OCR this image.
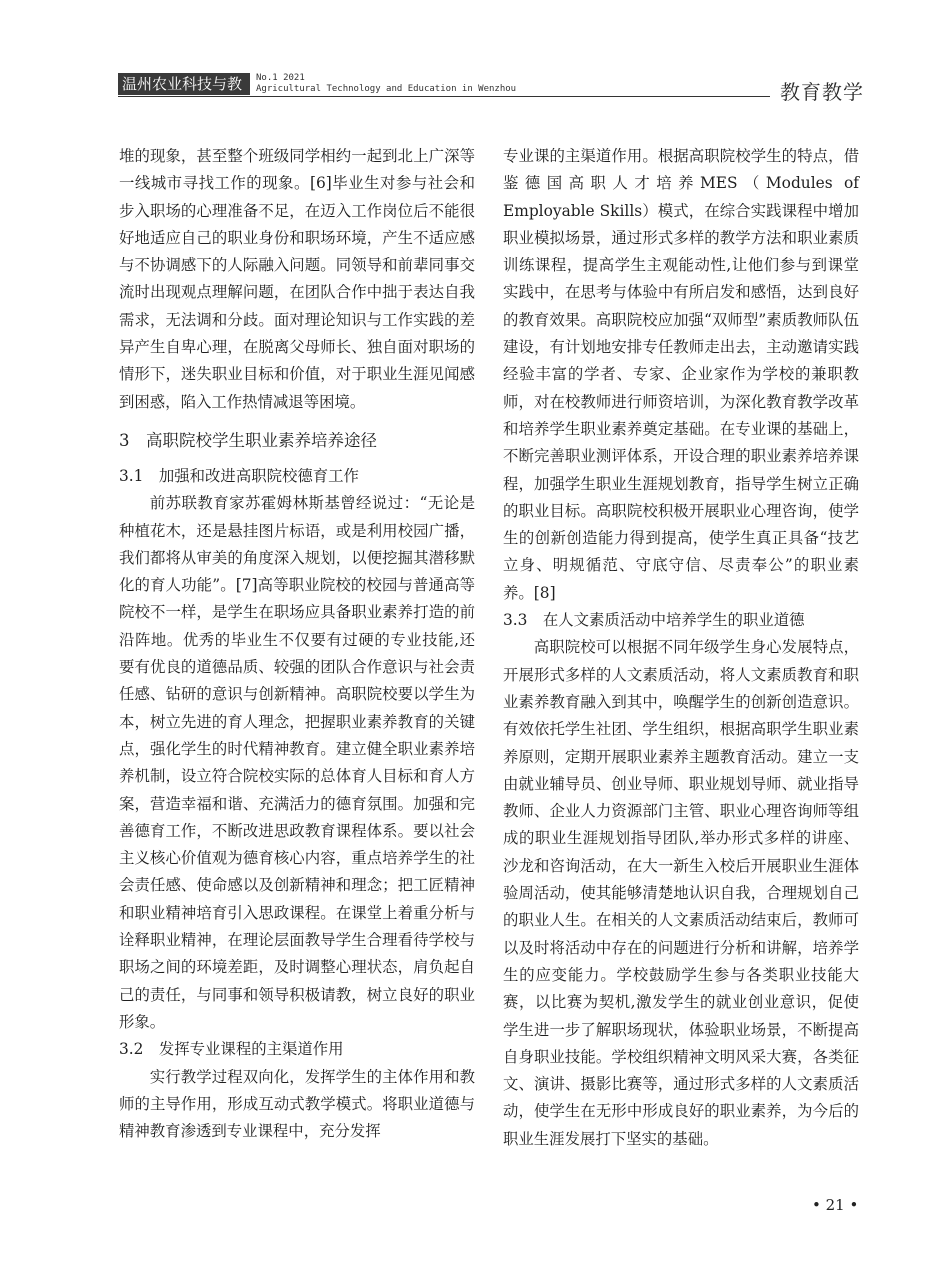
温州农业科技与教育
No.1 2021
Agricultural Technology and Education in Wenzhou	教育教学

堆的现象，甚至整个班级同学相约一起到北上广深等一线城市寻找工作的现象。[6]毕业生对参与社会和步入职场的心理准备不足，在迈入工作岗位后不能很好地适应自己的职业身份和职场环境，产生不适应感与不协调感下的人际融入问题。同领导和前辈同事交流时出现观点理解问题，在团队合作中拙于表达自我需求，无法调和分歧。面对理论知识与工作实践的差异产生自卑心理，在脱离父母师长、独自面对职场的情形下，迷失职业目标和价值，对于职业生涯见闻感到困惑，陷入工作热情减退等困境。

3　高职院校学生职业素养培养途径

3.1　加强和改进高职院校德育工作

前苏联教育家苏霍姆林斯基曾经说过：“无论是种植花木，还是悬挂图片标语，或是利用校园广播，我们都将从审美的角度深入规划，以便挖掘其潜移默化的育人功能”。[7]高等职业院校的校园与普通高等院校不一样，是学生在职场应具备职业素养打造的前沿阵地。优秀的毕业生不仅要有过硬的专业技能,还要有优良的道德品质、较强的团队合作意识与社会责任感、钻研的意识与创新精神。高职院校要以学生为本，树立先进的育人理念，把握职业素养教育的关键点，强化学生的时代精神教育。建立健全职业素养培养机制，设立符合院校实际的总体育人目标和育人方案，营造幸福和谐、充满活力的德育氛围。加强和完善德育工作，不断改进思政教育课程体系。要以社会主义核心价值观为德育核心内容，重点培养学生的社会责任感、使命感以及创新精神和理念；把工匠精神和职业精神培育引入思政课程。在课堂上着重分析与诠释职业精神，在理论层面教导学生合理看待学校与职场之间的环境差距，及时调整心理状态，肩负起自己的责任，与同事和领导积极请教，树立良好的职业形象。

3.2　发挥专业课程的主渠道作用

实行教学过程双向化，发挥学生的主体作用和教师的主导作用，形成互动式教学模式。将职业道德与精神教育渗透到专业课程中，充分发挥

专业课的主渠道作用。根据高职院校学生的特点，借鉴德国高职人才培养MES（Modules of Employable Skills）模式，在综合实践课程中增加职业模拟场景，通过形式多样的教学方法和职业素质训练课程，提高学生主观能动性,让他们参与到课堂实践中，在思考与体验中有所启发和感悟，达到良好的教育效果。高职院校应加强“双师型”素质教师队伍建设，有计划地安排专任教师走出去，主动邀请实践经验丰富的学者、专家、企业家作为学校的兼职教师，对在校教师进行师资培训，为深化教育教学改革和培养学生职业素养奠定基础。在专业课的基础上，不断完善职业测评体系，开设合理的职业素养培养课程，加强学生职业生涯规划教育，指导学生树立正确的职业目标。高职院校积极开展职业心理咨询，使学生的创新创造能力得到提高，使学生真正具备“技艺立身、明规循范、守底守信、尽责奉公”的职业素养。[8]

3.3　在人文素质活动中培养学生的职业道德

高职院校可以根据不同年级学生身心发展特点，开展形式多样的人文素质活动，将人文素质教育和职业素养教育融入到其中，唤醒学生的创新创造意识。有效依托学生社团、学生组织，根据高职学生职业素养原则，定期开展职业素养主题教育活动。建立一支由就业辅导员、创业导师、职业规划导师、就业指导教师、企业人力资源部门主管、职业心理咨询师等组成的职业生涯规划指导团队,举办形式多样的讲座、沙龙和咨询活动，在大一新生入校后开展职业生涯体验周活动，使其能够清楚地认识自我，合理规划自己的职业人生。在相关的人文素质活动结束后，教师可以及时将活动中存在的问题进行分析和讲解，培养学生的应变能力。学校鼓励学生参与各类职业技能大赛，以比赛为契机,激发学生的就业创业意识，促使学生进一步了解职场现状，体验职业场景，不断提高自身职业技能。学校组织精神文明风采大赛，各类征文、演讲、摄影比赛等，通过形式多样的人文素质活动，使学生在无形中形成良好的职业素养，为今后的职业生涯发展打下坚实的基础。

• 21 •
